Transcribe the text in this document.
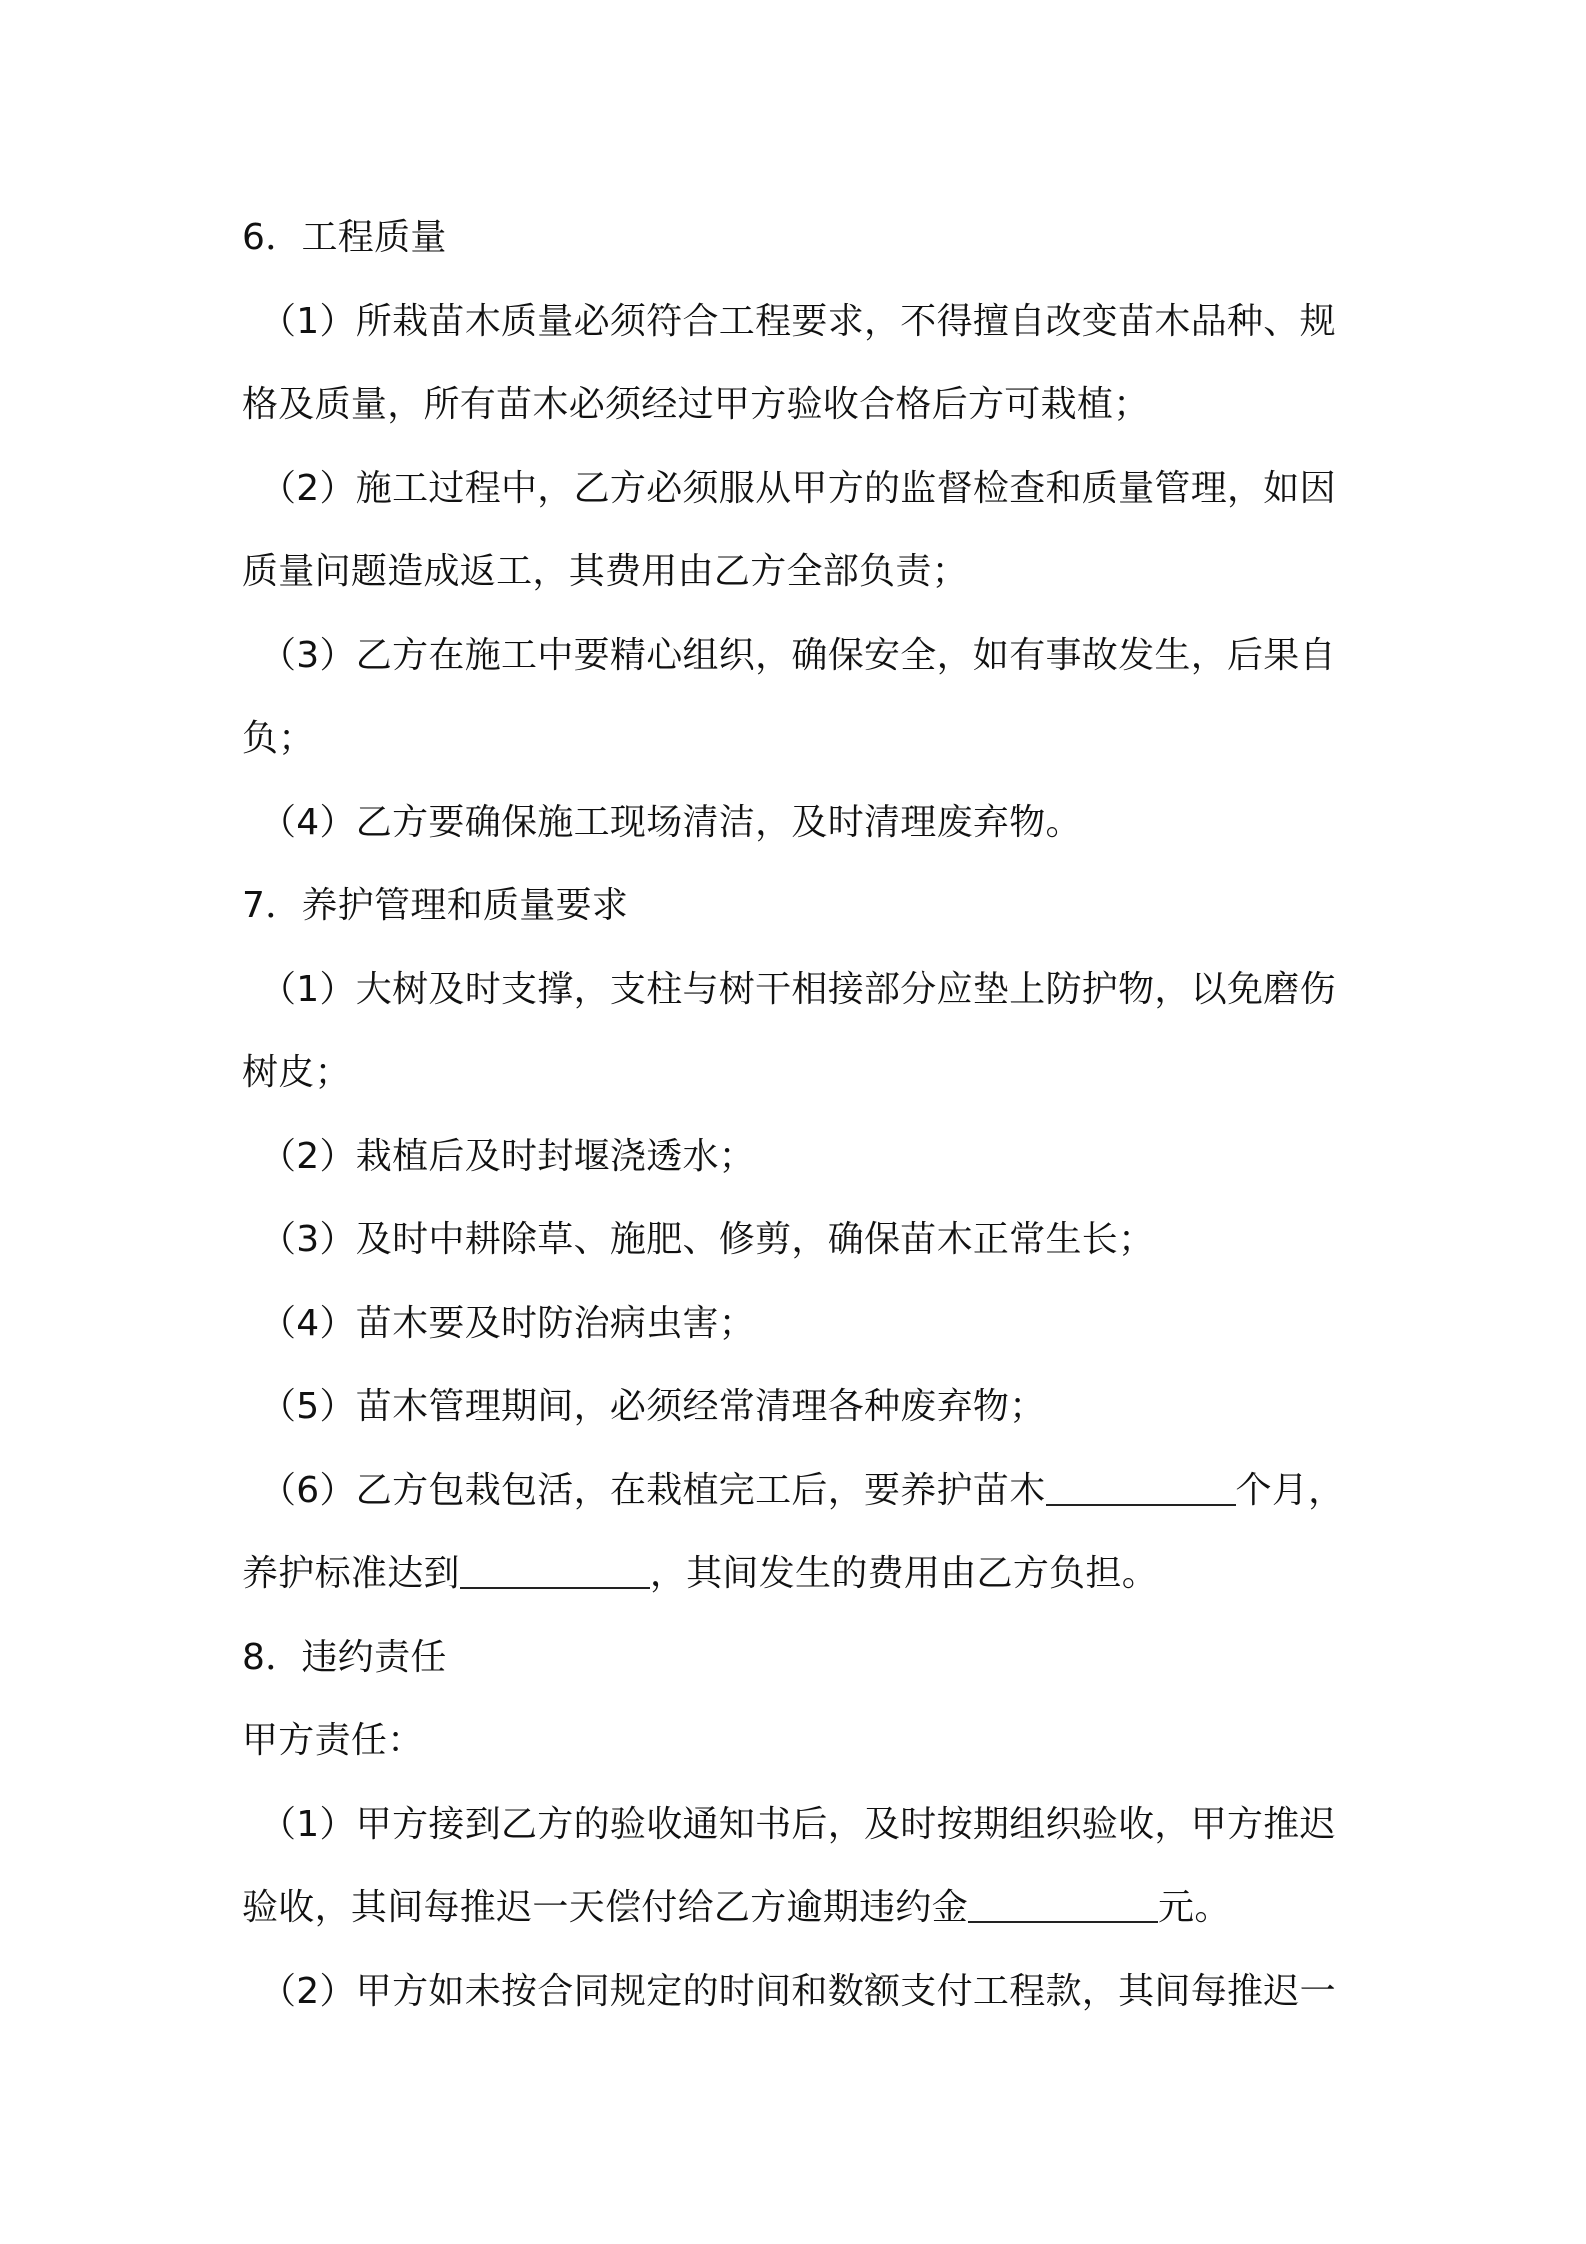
6．工程质量
（1）所栽苗木质量必须符合工程要求，不得擅自改变苗木品种、规
格及质量，所有苗木必须经过甲方验收合格后方可栽植；
（2）施工过程中，乙方必须服从甲方的监督检查和质量管理，如因
质量问题造成返工，其费用由乙方全部负责；
（3）乙方在施工中要精心组织，确保安全，如有事故发生，后果自
负；
（4）乙方要确保施工现场清洁，及时清理废弃物。
7．养护管理和质量要求
（1）大树及时支撑，支柱与树干相接部分应垫上防护物，以免磨伤
树皮；
（2）栽植后及时封堰浇透水；
（3）及时中耕除草、施肥、修剪，确保苗木正常生长；
（4）苗木要及时防治病虫害；
（5）苗木管理期间，必须经常清理各种废弃物；
（6）乙方包栽包活，在栽植完工后，要养护苗木	个月，
养护标准达到	，其间发生的费用由乙方负担。
8．违约责任
甲方责任：
（1）甲方接到乙方的验收通知书后，及时按期组织验收，甲方推迟
验收，其间每推迟一天偿付给乙方逾期违约金	元。
（2）甲方如未按合同规定的时间和数额支付工程款，其间每推迟一
